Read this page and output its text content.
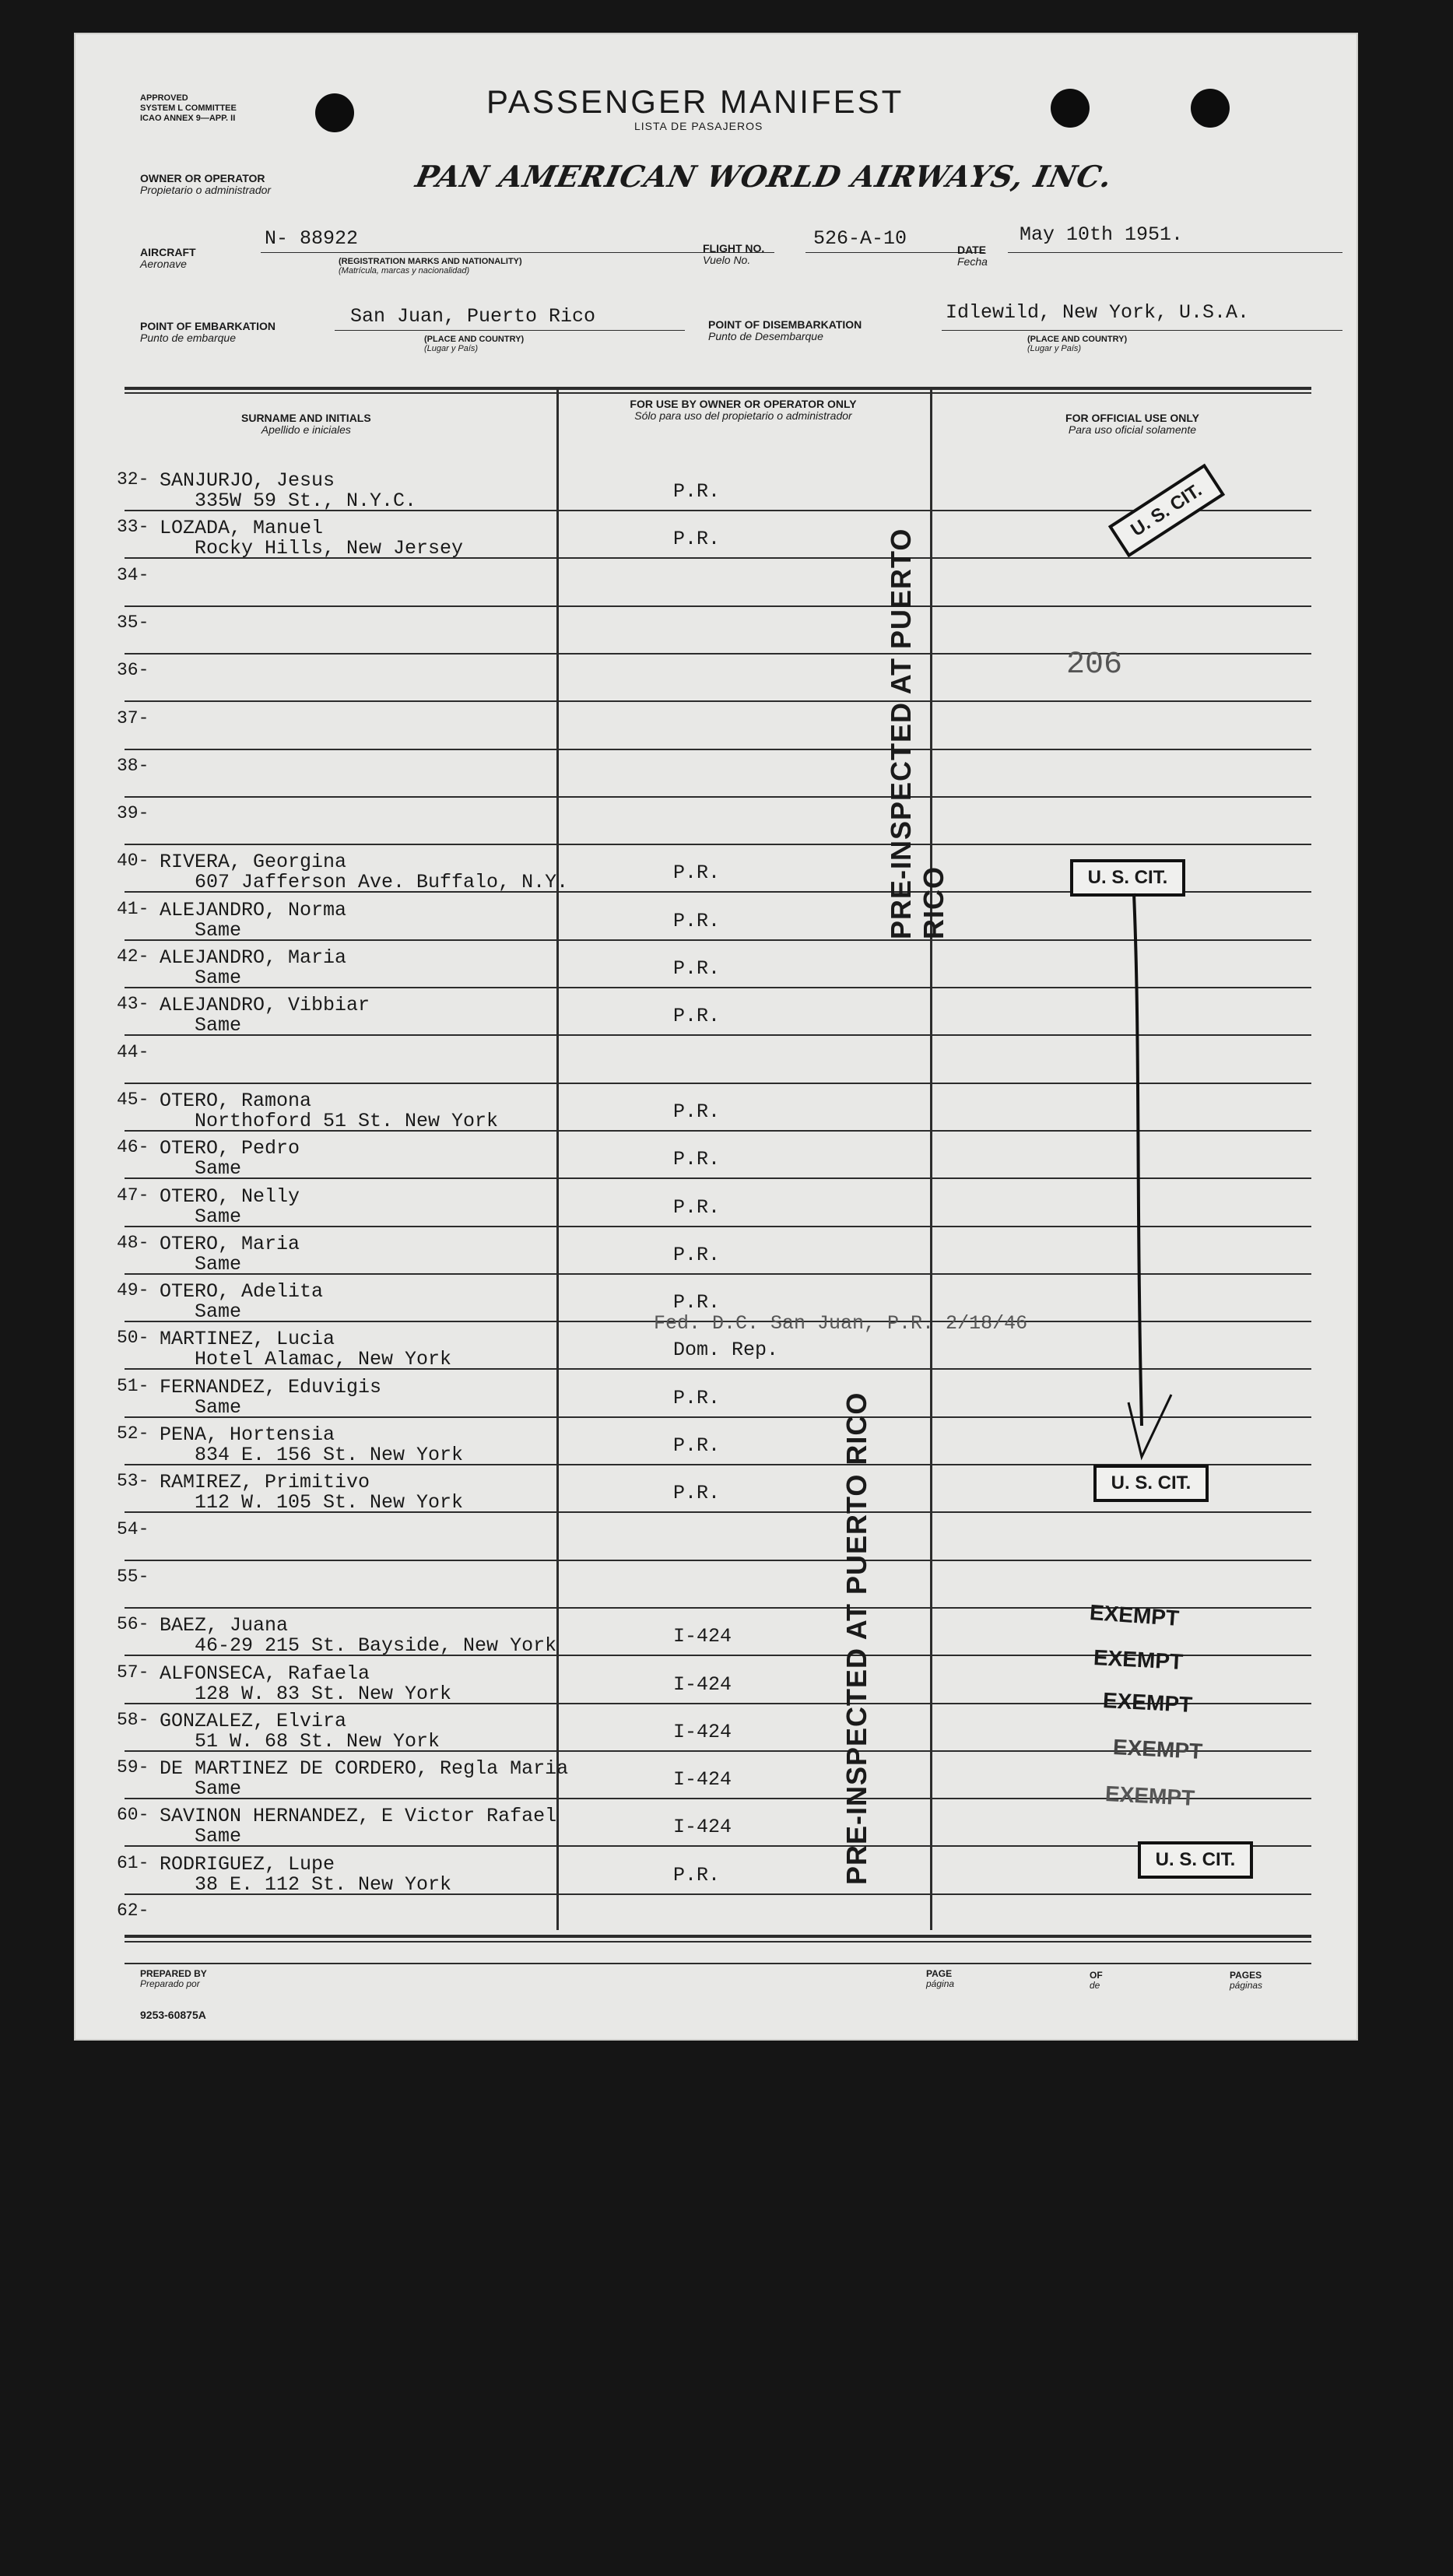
APPROVED
SYSTEM L COMMITTEE
ICAO ANNEX 9—APP. II	PASSENGER MANIFEST
LISTA DE PASAJEROS
OWNER OR OPERATOR
Propietario o administrador	PAN AMERICAN WORLD AIRWAYS, INC.
AIRCRAFT
Aeronave
N- 88922
(REGISTRATION MARKS AND NATIONALITY)
(Matrícula, marcas y nacionalidad)
FLIGHT NO.
Vuelo No.
526-A-10	DATE
Fecha
May 10th 1951.
POINT OF EMBARKATION
Punto de embarque
San Juan, Puerto Rico
(PLACE AND COUNTRY)
(Lugar y País)
POINT OF DISEMBARKATION
Punto de Desembarque
Idlewild, New York, U.S.A.
(PLACE AND COUNTRY)
(Lugar y País)
SURNAME AND INITIALS
Apellido e iniciales
FOR USE BY OWNER OR OPERATOR ONLY
Sólo para uso del propietario o administrador	FOR OFFICIAL USE ONLY
Para uso oficial solamente
32- SANJURJO, Jesus
335W 59 St., N.Y.C.	P.R.
33- LOZADA, Manuel
Rocky Hills, New Jersey	P.R.
34-
35-
36-
37-
38-
39-
40- RIVERA, Georgina
607 Jafferson Ave. Buffalo, N.Y.	P.R.
41- ALEJANDRO, Norma
Same	P.R.
42- ALEJANDRO, Maria
Same	P.R.
43- ALEJANDRO, Vibbiar
Same	P.R.
44-
45- OTERO, Ramona
Northoford 51 St. New York	P.R.
46- OTERO, Pedro
Same	P.R.
47- OTERO, Nelly
Same	P.R.
48- OTERO, Maria
Same	P.R.
49- OTERO, Adelita
Same	P.R.
50- MARTINEZ, Lucia
Hotel Alamac, New York	Dom. Rep.
51- FERNANDEZ, Eduvigis
Same	P.R.
52- PENA, Hortensia
834 E. 156 St. New York	P.R.
53- RAMIREZ, Primitivo
112 W. 105 St. New York	P.R.
54-
55-
56- BAEZ, Juana
46-29 215 St. Bayside, New York	I-424
57- ALFONSECA, Rafaela
128 W. 83 St. New York	I-424
58- GONZALEZ, Elvira
51 W. 68 St. New York	I-424
59- DE MARTINEZ DE CORDERO, Regla Maria
Same	I-424
60- SAVINON HERNANDEZ, E Victor Rafael
Same	I-424
61- RODRIGUEZ, Lupe
38 E. 112 St. New York	P.R.
62-
Fed. D.C. San Juan, P.R. 2/18/46
206
PRE-INSPECTED AT PUERTO RICO
PRE-INSPECTED AT PUERTO RICO
U. S. CIT.
U. S. CIT.
U. S. CIT.
U. S. CIT.
EXEMPT
EXEMPT
EXEMPT
EXEMPT
EXEMPT
PREPARED BY
Preparado por
PAGE
página
OF
de
PAGES
páginas
9253-60875A
